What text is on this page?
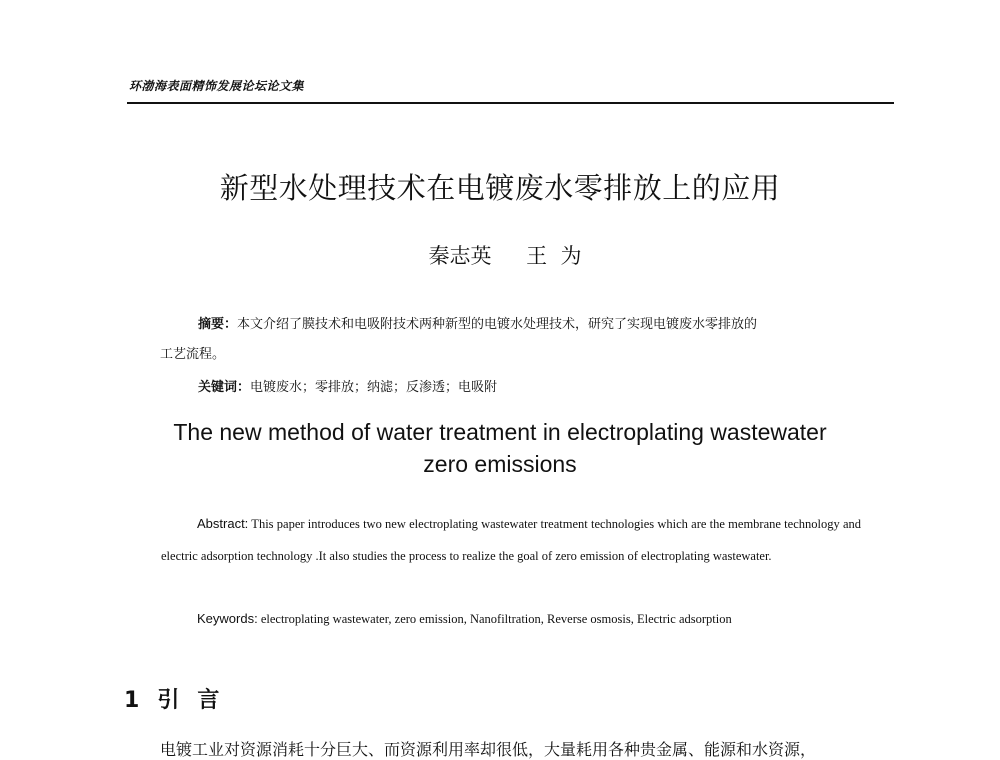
环渤海表面精饰发展论坛论文集
新型水处理技术在电镀废水零排放上的应用
秦志英 王  为
摘要：本文介绍了膜技术和电吸附技术两种新型的电镀水处理技术，研究了实现电镀废水零排放的
工艺流程。
关键词：电镀废水；零排放；纳滤；反渗透；电吸附
The new method of water treatment in electroplating wastewater
zero emissions
Abstract: This paper introduces two new electroplating wastewater treatment technologies which are the membrane technology and electric adsorption technology .It also studies the process to realize the goal of zero emission of electroplating wastewater.
Keywords: electroplating wastewater, zero emission, Nanofiltration, Reverse osmosis, Electric adsorption
1 引言
电镀工业对资源消耗十分巨大、而资源利用率却很低，大量耗用各种贵金属、能源和水资源，
